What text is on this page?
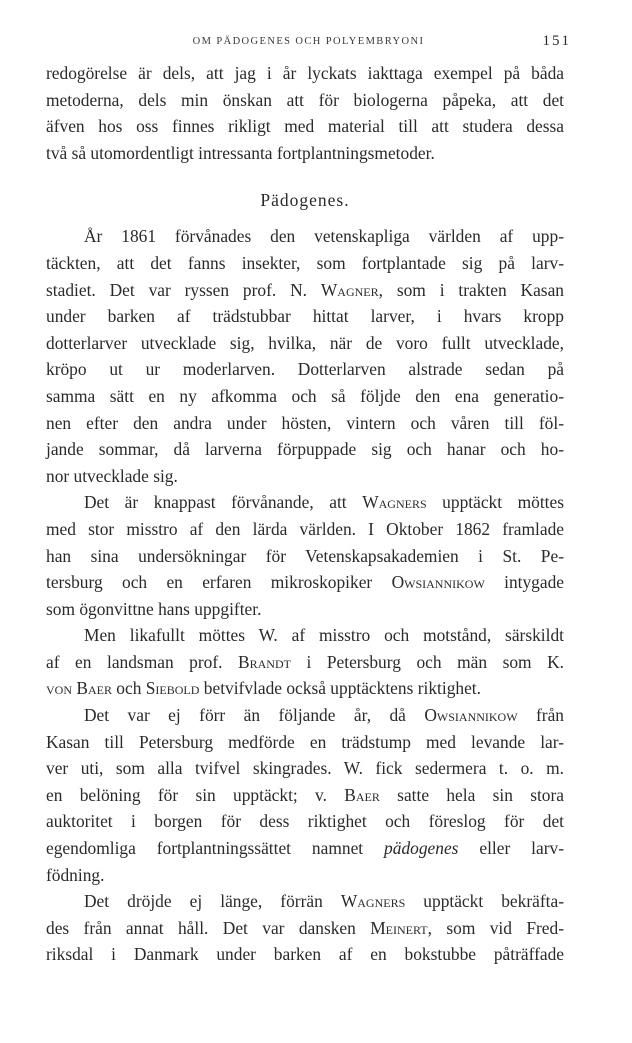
OM PÄDOGENES OCH POLYEMBRYONI	151
redogörelse är dels, att jag i år lyckats iakttaga exempel på båda
metoderna, dels min önskan att för biologerna påpeka, att det
äfven hos oss finnes rikligt med material till att studera dessa
två så utomordentligt intressanta fortplantningsmetoder.
Pädogenes.
År 1861 förvånades den vetenskapliga världen af upp-
täckten, att det fanns insekter, som fortplantade sig på larv-
stadiet. Det var ryssen prof. N. Wagner, som i trakten Kasan
under barken af trädstubbar hittat larver, i hvars kropp
dotterlarver utvecklade sig, hvilka, när de voro fullt utvecklade,
kröpo ut ur moderlarven. Dotterlarven alstrade sedan på
samma sätt en ny afkomma och så följde den ena generatio-
nen efter den andra under hösten, vintern och våren till föl-
jande sommar, då larverna förpuppade sig och hanar och ho-
nor utvecklade sig.
Det är knappast förvånande, att Wagners upptäckt möttes
med stor misstro af den lärda världen. I Oktober 1862 framlade
han sina undersökningar för Vetenskapsakademien i St. Pe-
tersburg och en erfaren mikroskopiker Owsiannikow intygade
som ögonvittne hans uppgifter.
Men likafullt möttes W. af misstro och motstånd, särskildt
af en landsman prof. Brandt i Petersburg och män som K.
von Baer och Siebold betvifvlade också upptäcktens riktighet.
Det var ej förr än följande år, då Owsiannikow från
Kasan till Petersburg medförde en trädstump med levande lar-
ver uti, som alla tvifvel skingrades. W. fick sedermera t. o. m.
en belöning för sin upptäckt; v. Baer satte hela sin stora
auktoritet i borgen för dess riktighet och föreslog för det
egendomliga fortplantningssättet namnet pädogenes eller larv-
födning.
Det dröjde ej länge, förrän Wagners upptäckt bekräfta-
des från annat håll. Det var dansken Meinert, som vid Fred-
riksdal i Danmark under barken af en bokstubbe påträffade
